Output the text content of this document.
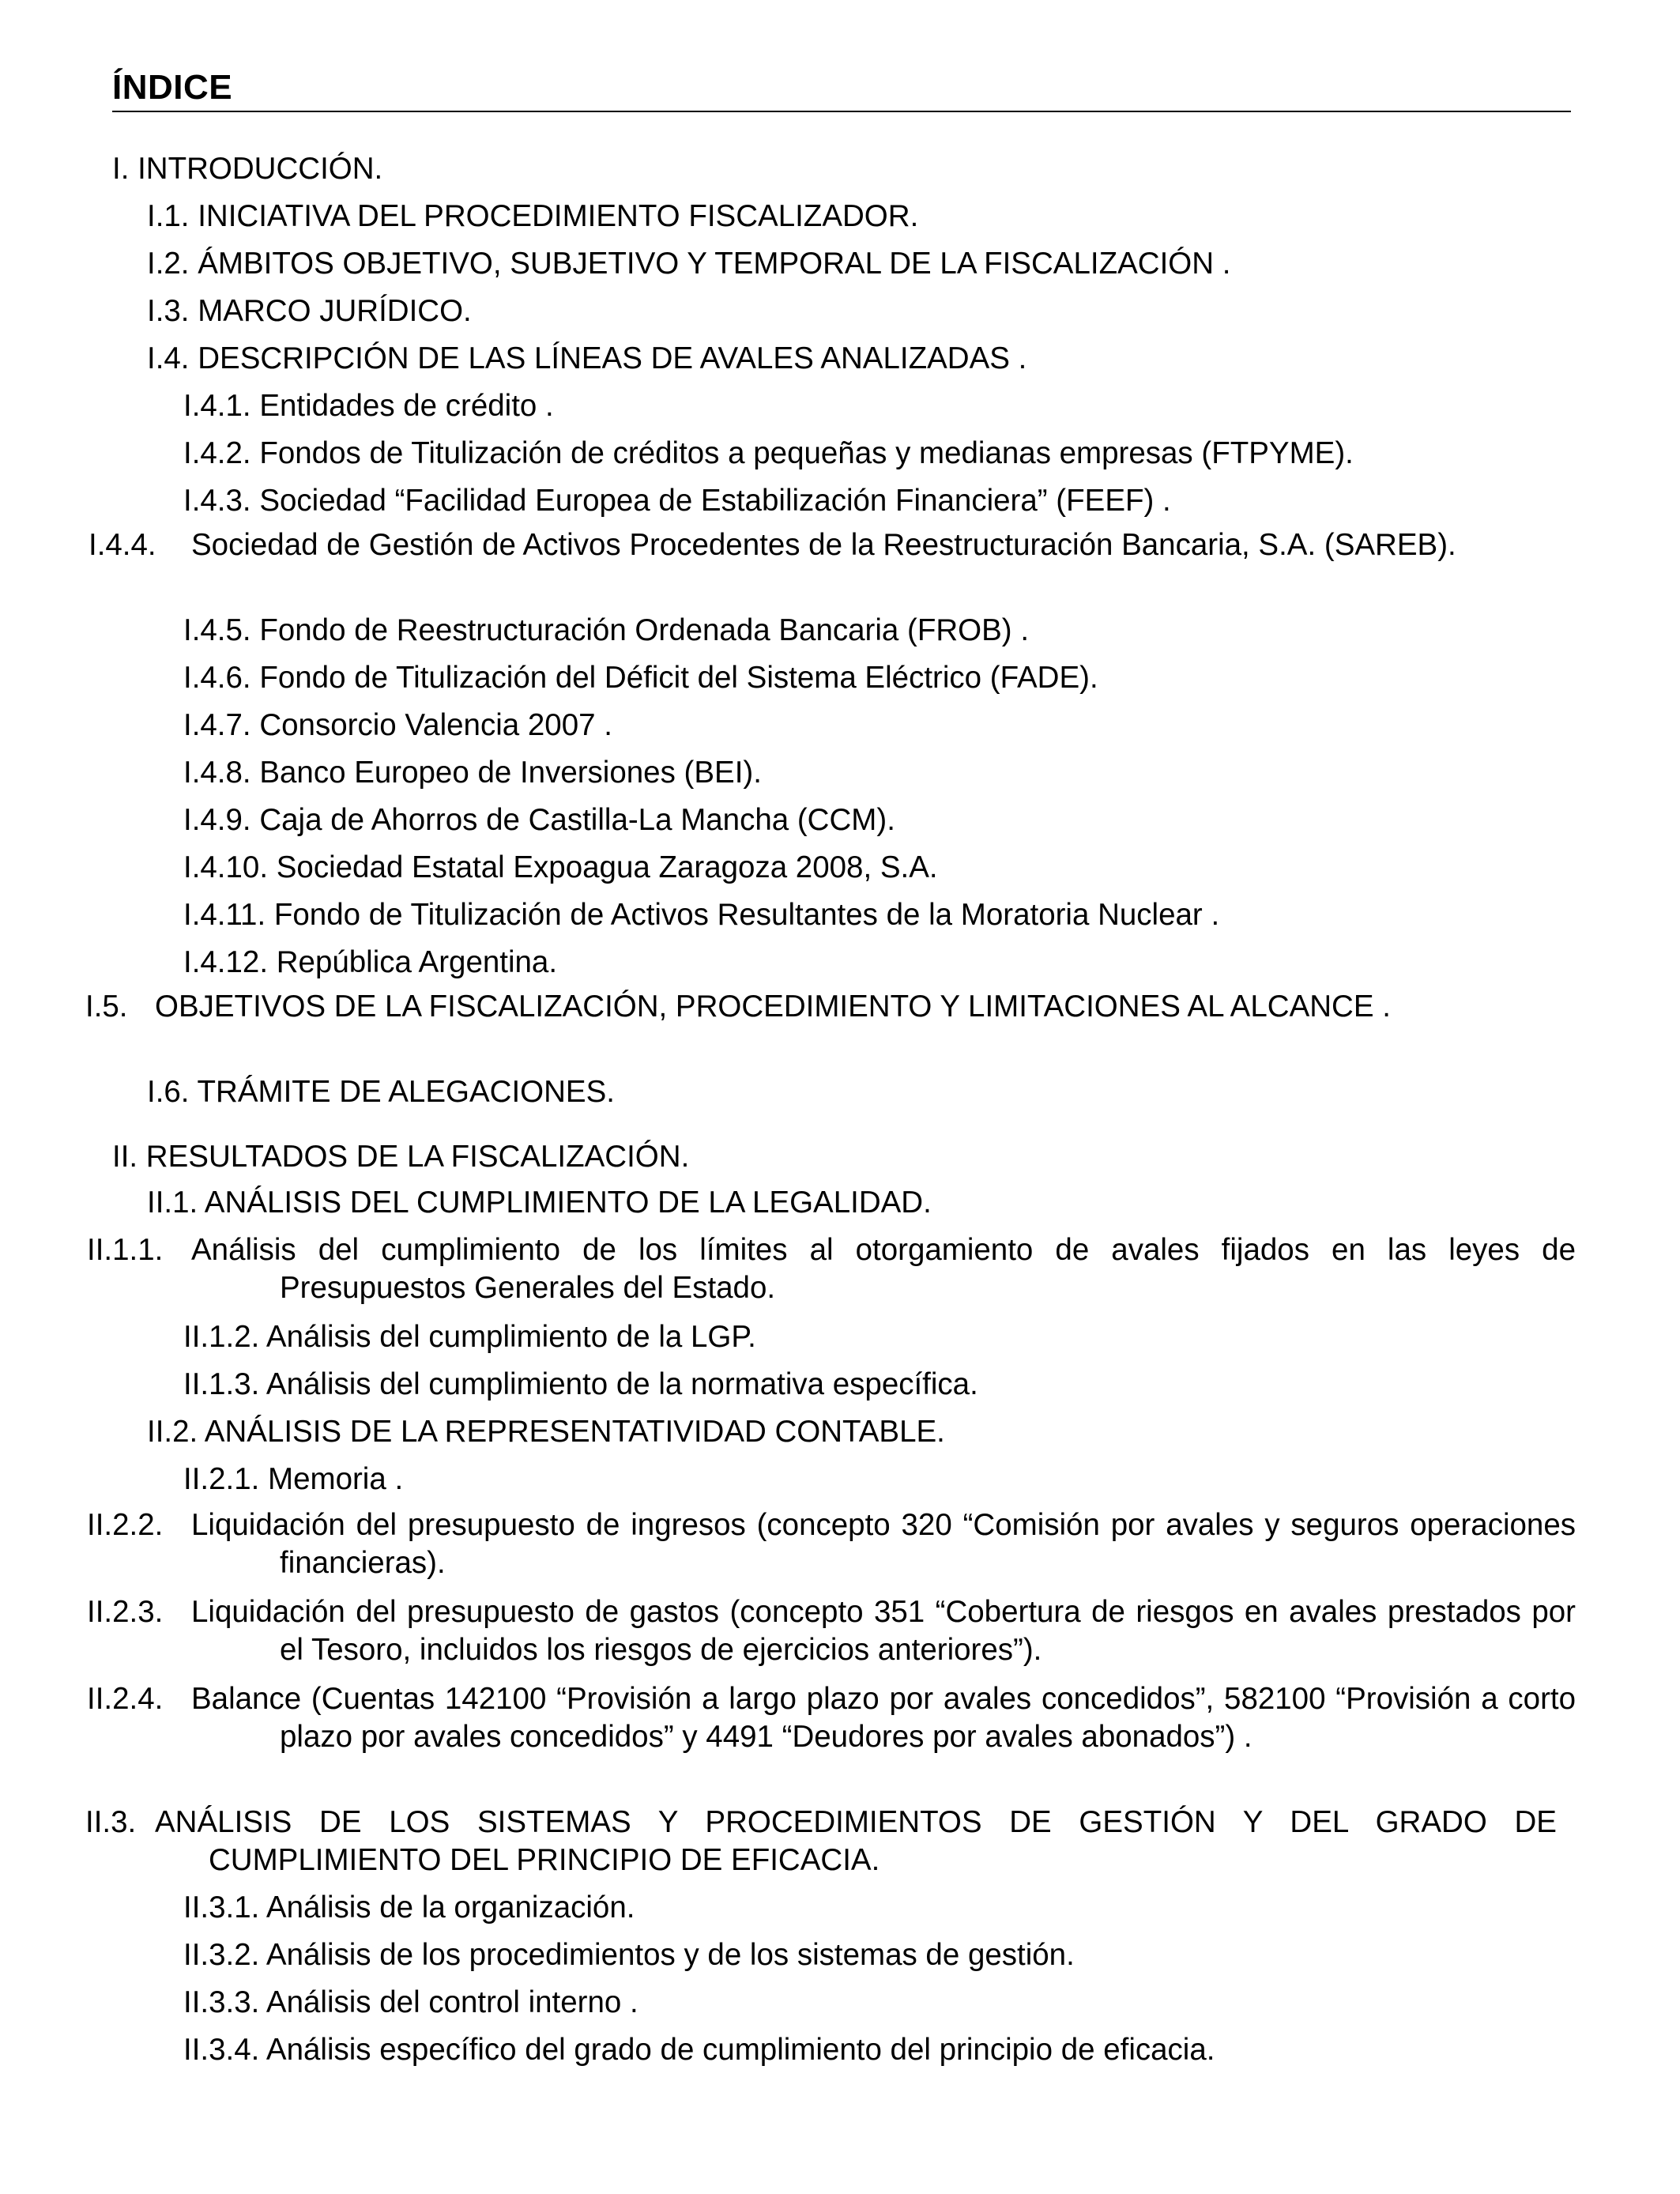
ÍNDICE
I. INTRODUCCIÓN.
I.1. INICIATIVA DEL PROCEDIMIENTO FISCALIZADOR.
I.2. ÁMBITOS OBJETIVO, SUBJETIVO Y TEMPORAL DE LA FISCALIZACIÓN .
I.3. MARCO JURÍDICO.
I.4. DESCRIPCIÓN DE LAS LÍNEAS DE AVALES ANALIZADAS .
I.4.1. Entidades de crédito .
I.4.2. Fondos de Titulización de créditos a pequeñas y medianas empresas (FTPYME).
I.4.3. Sociedad “Facilidad Europea de Estabilización Financiera” (FEEF) .
I.4.4. Sociedad de Gestión de Activos Procedentes de la Reestructuración Bancaria, S.A. (SAREB).
I.4.5. Fondo de Reestructuración Ordenada Bancaria (FROB) .
I.4.6. Fondo de Titulización del Déficit del Sistema Eléctrico (FADE).
I.4.7. Consorcio Valencia 2007 .
I.4.8. Banco Europeo de Inversiones (BEI).
I.4.9. Caja de Ahorros de Castilla-La Mancha (CCM).
I.4.10. Sociedad Estatal Expoagua Zaragoza 2008, S.A.
I.4.11. Fondo de Titulización de Activos Resultantes de la Moratoria Nuclear .
I.4.12. República Argentina.
I.5. OBJETIVOS DE LA FISCALIZACIÓN, PROCEDIMIENTO Y LIMITACIONES AL ALCANCE .
I.6. TRÁMITE DE ALEGACIONES.
II. RESULTADOS DE LA FISCALIZACIÓN.
II.1. ANÁLISIS DEL CUMPLIMIENTO DE LA LEGALIDAD.
II.1.1. Análisis del cumplimiento de los límites al otorgamiento de avales fijados en las leyes de Presupuestos Generales del Estado.
II.1.2. Análisis del cumplimiento de la LGP.
II.1.3. Análisis del cumplimiento de la normativa específica.
II.2. ANÁLISIS DE LA REPRESENTATIVIDAD CONTABLE.
II.2.1. Memoria .
II.2.2. Liquidación del presupuesto de ingresos (concepto 320 “Comisión por avales y seguros operaciones financieras).
II.2.3. Liquidación del presupuesto de gastos (concepto 351 “Cobertura de riesgos en avales prestados por el Tesoro, incluidos los riesgos de ejercicios anteriores”).
II.2.4. Balance (Cuentas 142100 “Provisión a largo plazo por avales concedidos”, 582100 “Provisión a corto plazo por avales concedidos” y 4491 “Deudores por avales abonados”) .
II.3. ANÁLISIS DE LOS SISTEMAS Y PROCEDIMIENTOS DE GESTIÓN Y DEL GRADO DE CUMPLIMIENTO DEL PRINCIPIO DE EFICACIA.
II.3.1. Análisis de la organización.
II.3.2. Análisis de los procedimientos y de los sistemas de gestión.
II.3.3. Análisis del control interno .
II.3.4. Análisis específico del grado de cumplimiento del principio de eficacia.
